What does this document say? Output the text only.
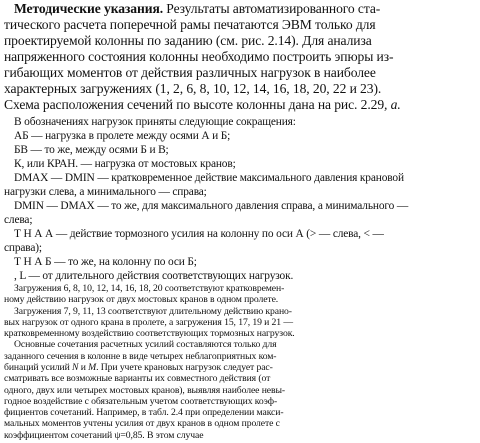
Методические указания. Результаты автоматизированного ста-
тического расчета поперечной рамы печатаются ЭВМ только для
проектируемой колонны по заданию (см. рис. 2.14). Для анализа
напряженного состояния колонны необходимо построить эпюры из-
гибающих моментов от действия различных нагрузок в наиболее
характерных загружениях (1, 2, 6, 8, 10, 12, 14, 16, 18, 20, 22 и 23).
Схема расположения сечений по высоте колонны дана на рис. 2.29, а.
В обозначениях нагрузок приняты следующие сокращения:
АБ — нагрузка в пролете между осями А и Б;
БВ — то же, между осями Б и В;
К, или КРАН. — нагрузка от мостовых кранов;
DMAX — DMIN — кратковременное действие максимального давления крановой
нагрузки слева, а минимального — справа;
DMIN — DMAX — то же, для максимального давления справа, а минимального —
слева;
Т Н А А — действие тормозного усилия на колонну по оси А (> — слева, < —
справа);
Т Н А Б — то же, на колонну по оси Б;
, L — от длительного действия соответствующих нагрузок.
Загружения 6, 8, 10, 12, 14, 16, 18, 20 соответствуют кратковремен-
ному действию нагрузок от двух мостовых кранов в одном пролете.
Загружения 7, 9, 11, 13 соответствуют длительному действию крано-
вых нагрузок от одного крана в пролете, а загружения 15, 17, 19 и 21 —
кратковременному воздействию соответствующих тормозных нагрузок.
Основные сочетания расчетных усилий составляются только для
заданного сечения в колонне в виде четырех неблагоприятных ком-
бинаций усилий N и M. При учете крановых нагрузок следует рас-
сматривать все возможные варианты их совместного действия (от
одного, двух или четырех мостовых кранов), выявляя наиболее невы-
годное воздействие с обязательным учетом соответствующих коэф-
фициентов сочетаний. Например, в табл. 2.4 при определении макси-
мальных моментов учтены усилия от двух кранов в одном пролете с
коэффициентом сочетаний ψ=0,85. В этом случае
